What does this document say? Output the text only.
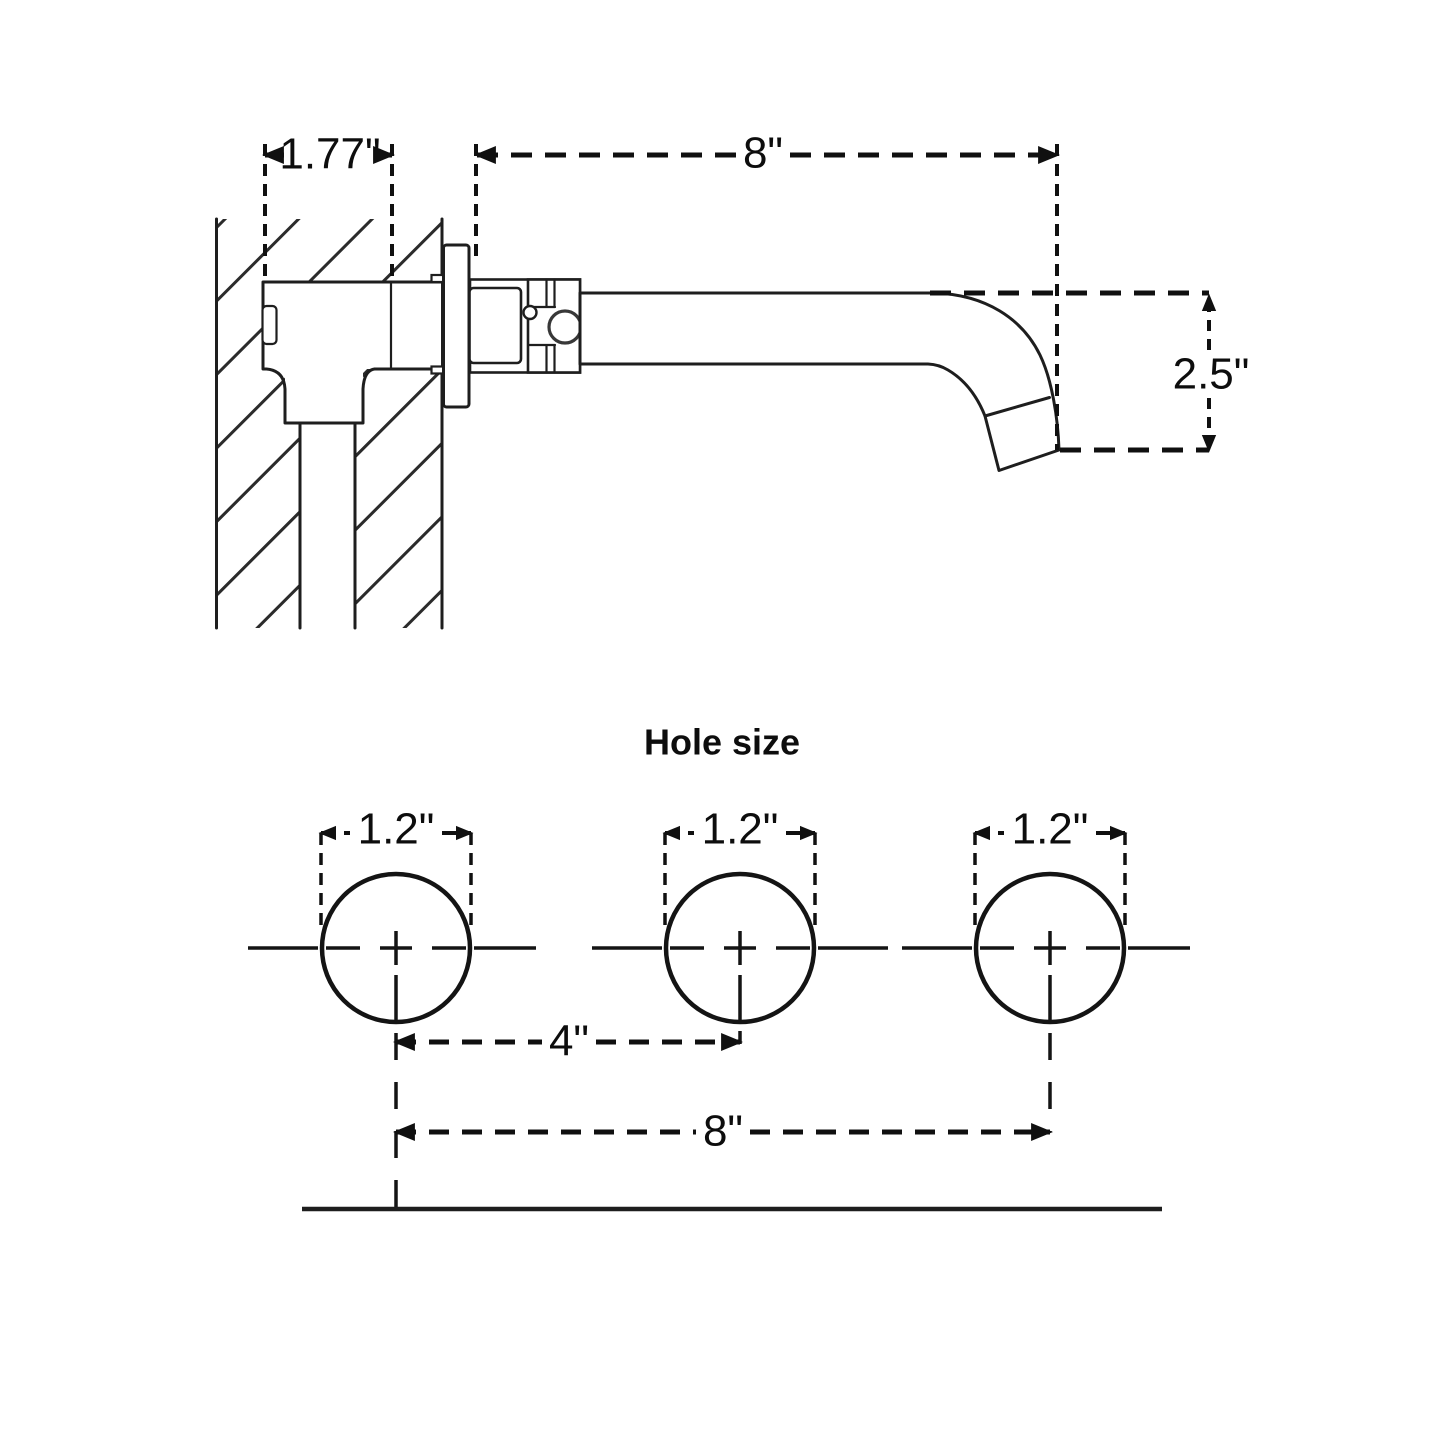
1.77"	8"
2.5"
Hole size
1.2"	1.2"	1.2"
4"
8"
